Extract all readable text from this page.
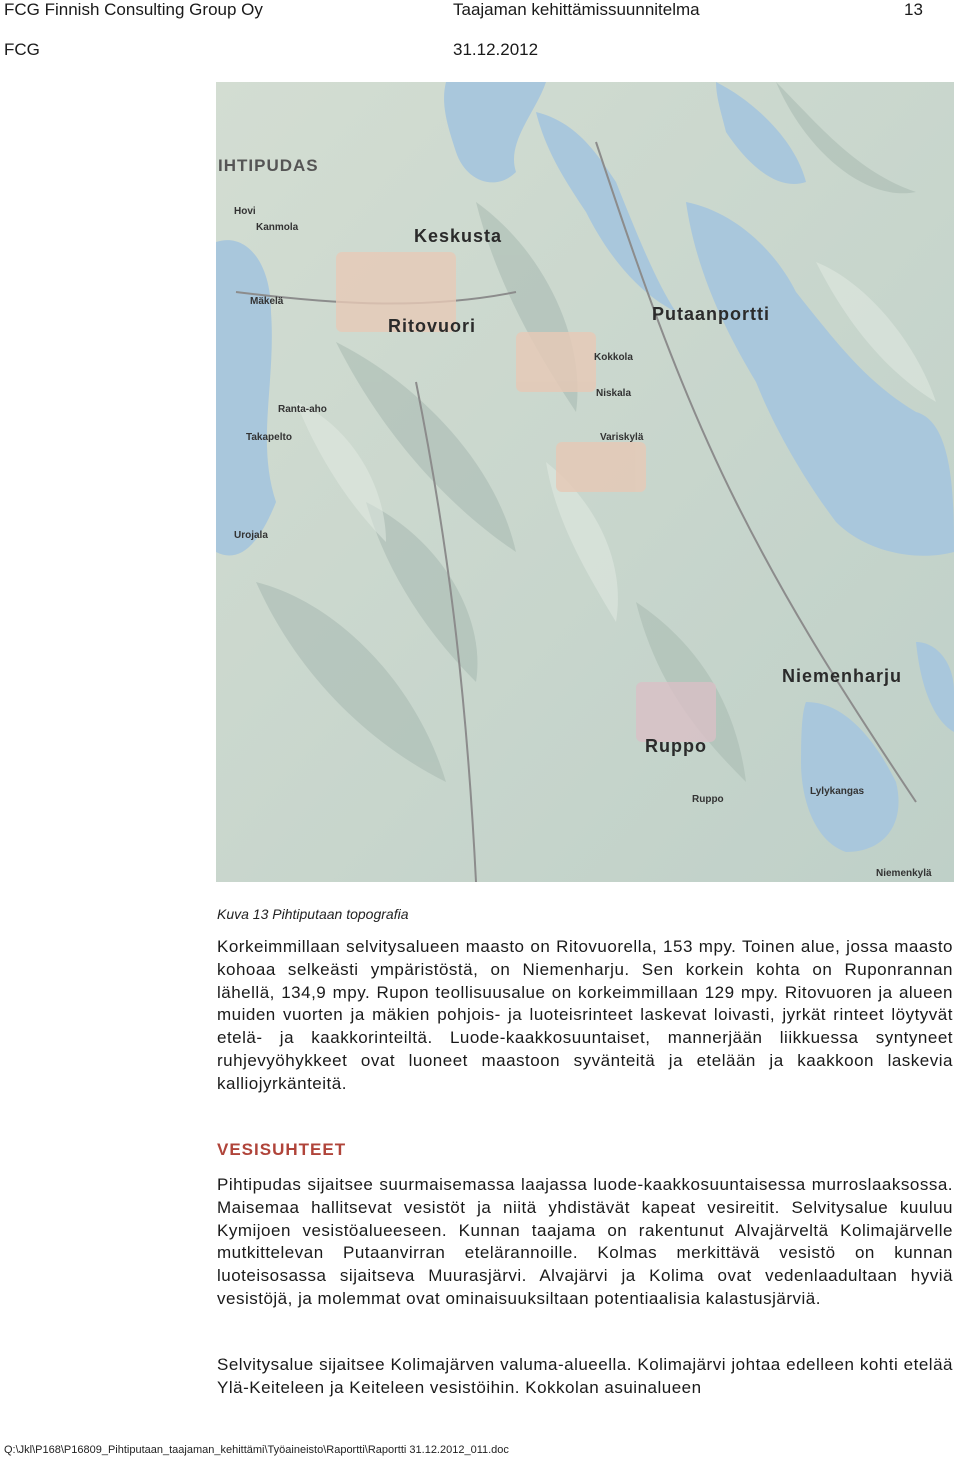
FCG Finnish Consulting Group Oy	Taajaman kehittämissuunnitelma	13
FCG	31.12.2012
IHTIPUDAS
Keskusta
Ritovuori
Putaanportti
Niemenharju
Ruppo
Hovi
Kanmola
Mäkelä
Ranta-aho
Takapelto
Kokkola
Niskala
Variskylä
Ruppo
Lylykangas
Niemenkylä
Urojala
Kuva 13 Pihtiputaan topografia
Korkeimmillaan selvitysalueen maasto on Ritovuorella, 153 mpy. Toinen alue, jossa maasto kohoaa selkeästi ympäristöstä, on Niemenharju. Sen korkein kohta on Ruponrannan lähellä, 134,9 mpy. Rupon teollisuusalue on korkeimmillaan 129 mpy. Ritovuoren ja alueen muiden vuorten ja mäkien pohjois- ja luoteisrinteet laskevat loivasti, jyrkät rinteet löytyvät etelä- ja kaakkorinteiltä. Luode-kaakkosuuntaiset, mannerjään liikkuessa syntyneet ruhjevyöhykkeet ovat luoneet maastoon syvänteitä ja etelään ja kaakkoon laskevia kalliojyrkänteitä.
VESISUHTEET
Pihtipudas sijaitsee suurmaisemassa laajassa luode-kaakkosuuntaisessa murroslaaksossa. Maisemaa hallitsevat vesistöt ja niitä yhdistävät kapeat vesireitit. Selvitysalue kuuluu Kymijoen vesistöalueeseen. Kunnan taajama on rakentunut Alvajärveltä Kolimajärvelle mutkittelevan Putaanvirran etelärannoille. Kolmas merkittävä vesistö on kunnan luoteisosassa sijaitseva Muurasjärvi. Alvajärvi ja Kolima ovat vedenlaadultaan hyviä vesistöjä, ja molemmat ovat ominaisuuksiltaan potentiaalisia kalastusjärviä.
Selvitysalue sijaitsee Kolimajärven valuma-alueella. Kolimajärvi johtaa edelleen kohti etelää Ylä-Keiteleen ja Keiteleen vesistöihin. Kokkolan asuinalueen
Q:\Jkl\P168\P16809_Pihtiputaan_taajaman_kehittämi\Työaineisto\Raportti\Raportti 31.12.2012_011.doc
